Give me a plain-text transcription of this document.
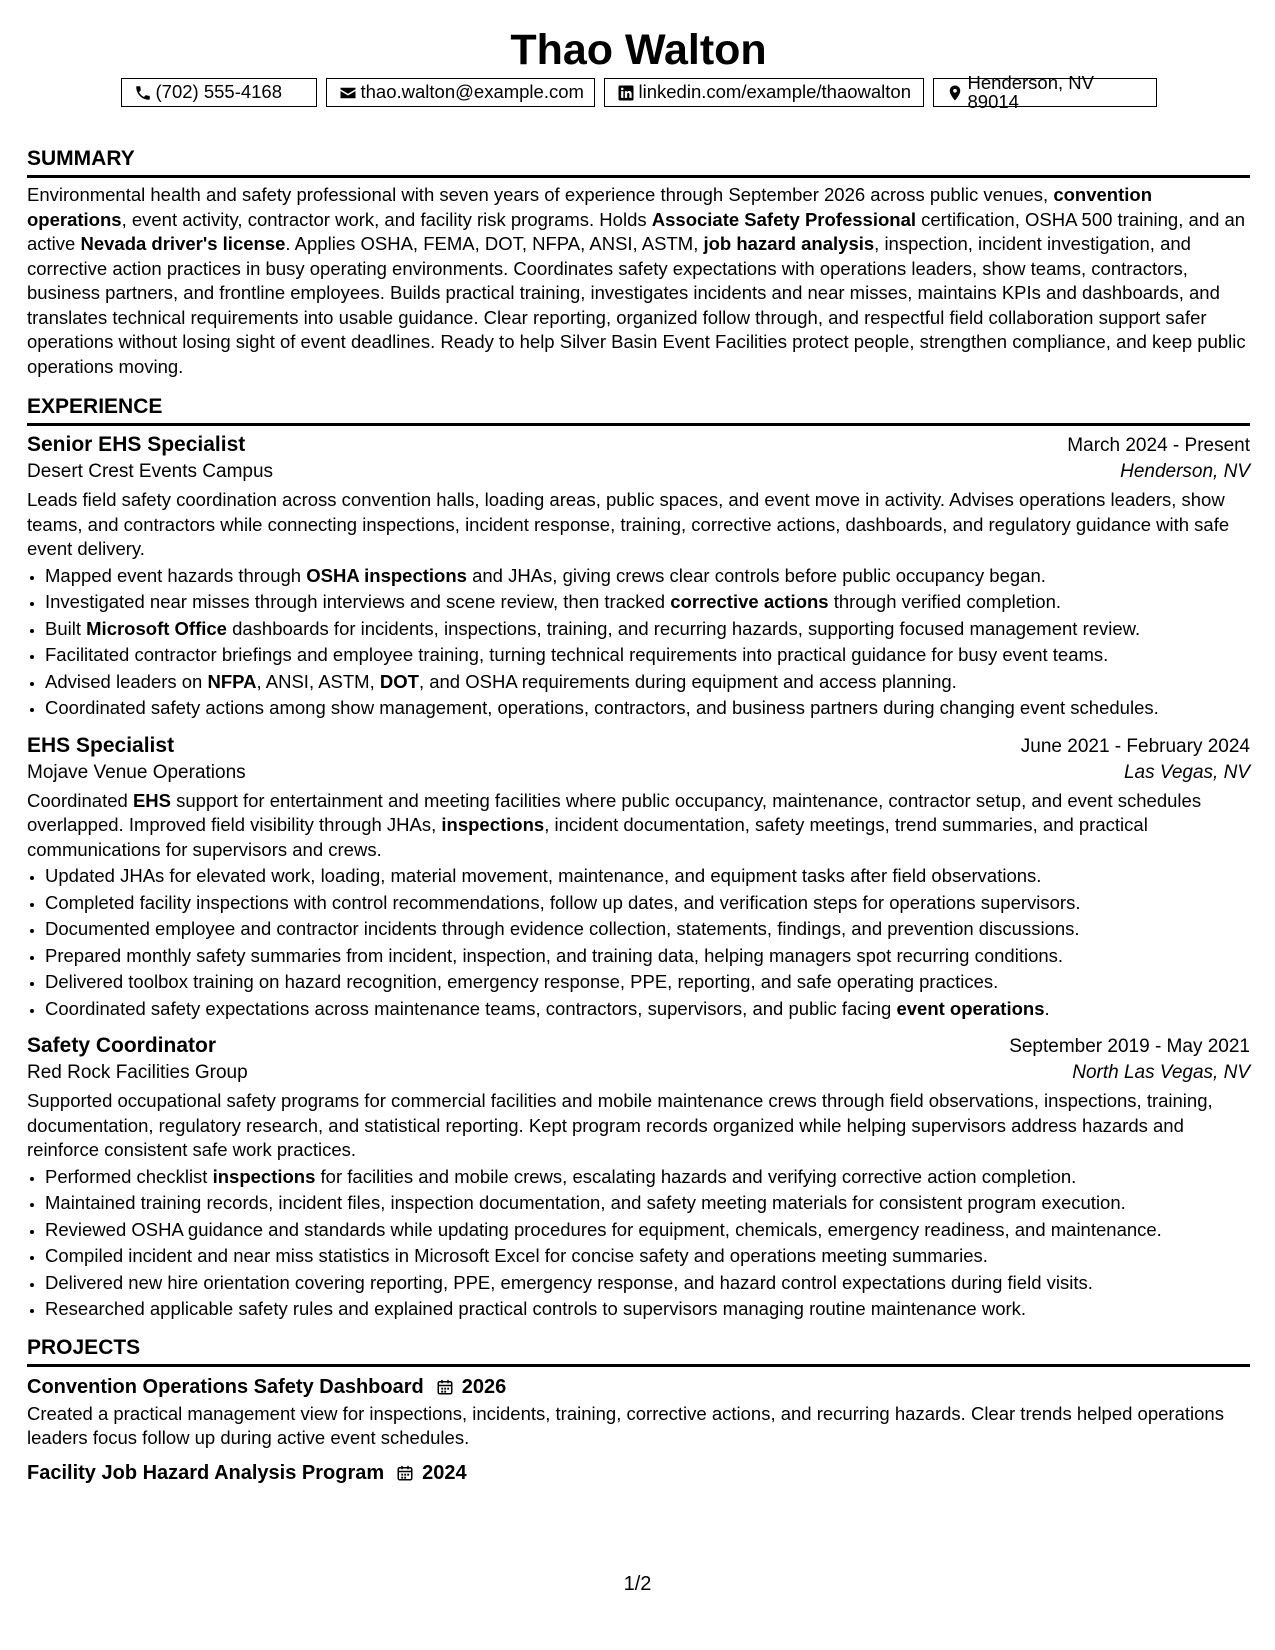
Thao Walton
(702) 555-4168	thao.walton@example.com	linkedin.com/example/thaowalton	Henderson, NV 89014
SUMMARY

Environmental health and safety professional with seven years of experience through September 2026 across public venues, convention operations, event activity, contractor work, and facility risk programs. Holds Associate Safety Professional certification, OSHA 500 training, and an active Nevada driver's license. Applies OSHA, FEMA, DOT, NFPA, ANSI, ASTM, job hazard analysis, inspection, incident investigation, and corrective action practices in busy operating environments. Coordinates safety expectations with operations leaders, show teams, contractors, business partners, and frontline employees. Builds practical training, investigates incidents and near misses, maintains KPIs and dashboards, and translates technical requirements into usable guidance. Clear reporting, organized follow through, and respectful field collaboration support safer operations without losing sight of event deadlines. Ready to help Silver Basin Event Facilities protect people, strengthen compliance, and keep public operations moving.

EXPERIENCE
Senior EHS Specialist	March 2024 - Present
Desert Crest Events Campus	Henderson, NV

Leads field safety coordination across convention halls, loading areas, public spaces, and event move in activity. Advises operations leaders, show teams, and contractors while connecting inspections, incident response, training, corrective actions, dashboards, and regulatory guidance with safe event delivery.

• Mapped event hazards through OSHA inspections and JHAs, giving crews clear controls before public occupancy began.
• Investigated near misses through interviews and scene review, then tracked corrective actions through verified completion.
• Built Microsoft Office dashboards for incidents, inspections, training, and recurring hazards, supporting focused management review.
• Facilitated contractor briefings and employee training, turning technical requirements into practical guidance for busy event teams.
• Advised leaders on NFPA, ANSI, ASTM, DOT, and OSHA requirements during equipment and access planning.
• Coordinated safety actions among show management, operations, contractors, and business partners during changing event schedules.
EHS Specialist	June 2021 - February 2024
Mojave Venue Operations	Las Vegas, NV

Coordinated EHS support for entertainment and meeting facilities where public occupancy, maintenance, contractor setup, and event schedules overlapped. Improved field visibility through JHAs, inspections, incident documentation, safety meetings, trend summaries, and practical communications for supervisors and crews.

• Updated JHAs for elevated work, loading, material movement, maintenance, and equipment tasks after field observations.
• Completed facility inspections with control recommendations, follow up dates, and verification steps for operations supervisors.
• Documented employee and contractor incidents through evidence collection, statements, findings, and prevention discussions.
• Prepared monthly safety summaries from incident, inspection, and training data, helping managers spot recurring conditions.
• Delivered toolbox training on hazard recognition, emergency response, PPE, reporting, and safe operating practices.
• Coordinated safety expectations across maintenance teams, contractors, supervisors, and public facing event operations.
Safety Coordinator	September 2019 - May 2021
Red Rock Facilities Group	North Las Vegas, NV

Supported occupational safety programs for commercial facilities and mobile maintenance crews through field observations, inspections, training, documentation, regulatory research, and statistical reporting. Kept program records organized while helping supervisors address hazards and reinforce consistent safe work practices.

• Performed checklist inspections for facilities and mobile crews, escalating hazards and verifying corrective action completion.
• Maintained training records, incident files, inspection documentation, and safety meeting materials for consistent program execution.
• Reviewed OSHA guidance and standards while updating procedures for equipment, chemicals, emergency readiness, and maintenance.
• Compiled incident and near miss statistics in Microsoft Excel for concise safety and operations meeting summaries.
• Delivered new hire orientation covering reporting, PPE, emergency response, and hazard control expectations during field visits.
• Researched applicable safety rules and explained practical controls to supervisors managing routine maintenance work.
PROJECTS
Convention Operations Safety Dashboard 2026

Created a practical management view for inspections, incidents, training, corrective actions, and recurring hazards. Clear trends helped operations leaders focus follow up during active event schedules.

Facility Job Hazard Analysis Program 2024
1/2
